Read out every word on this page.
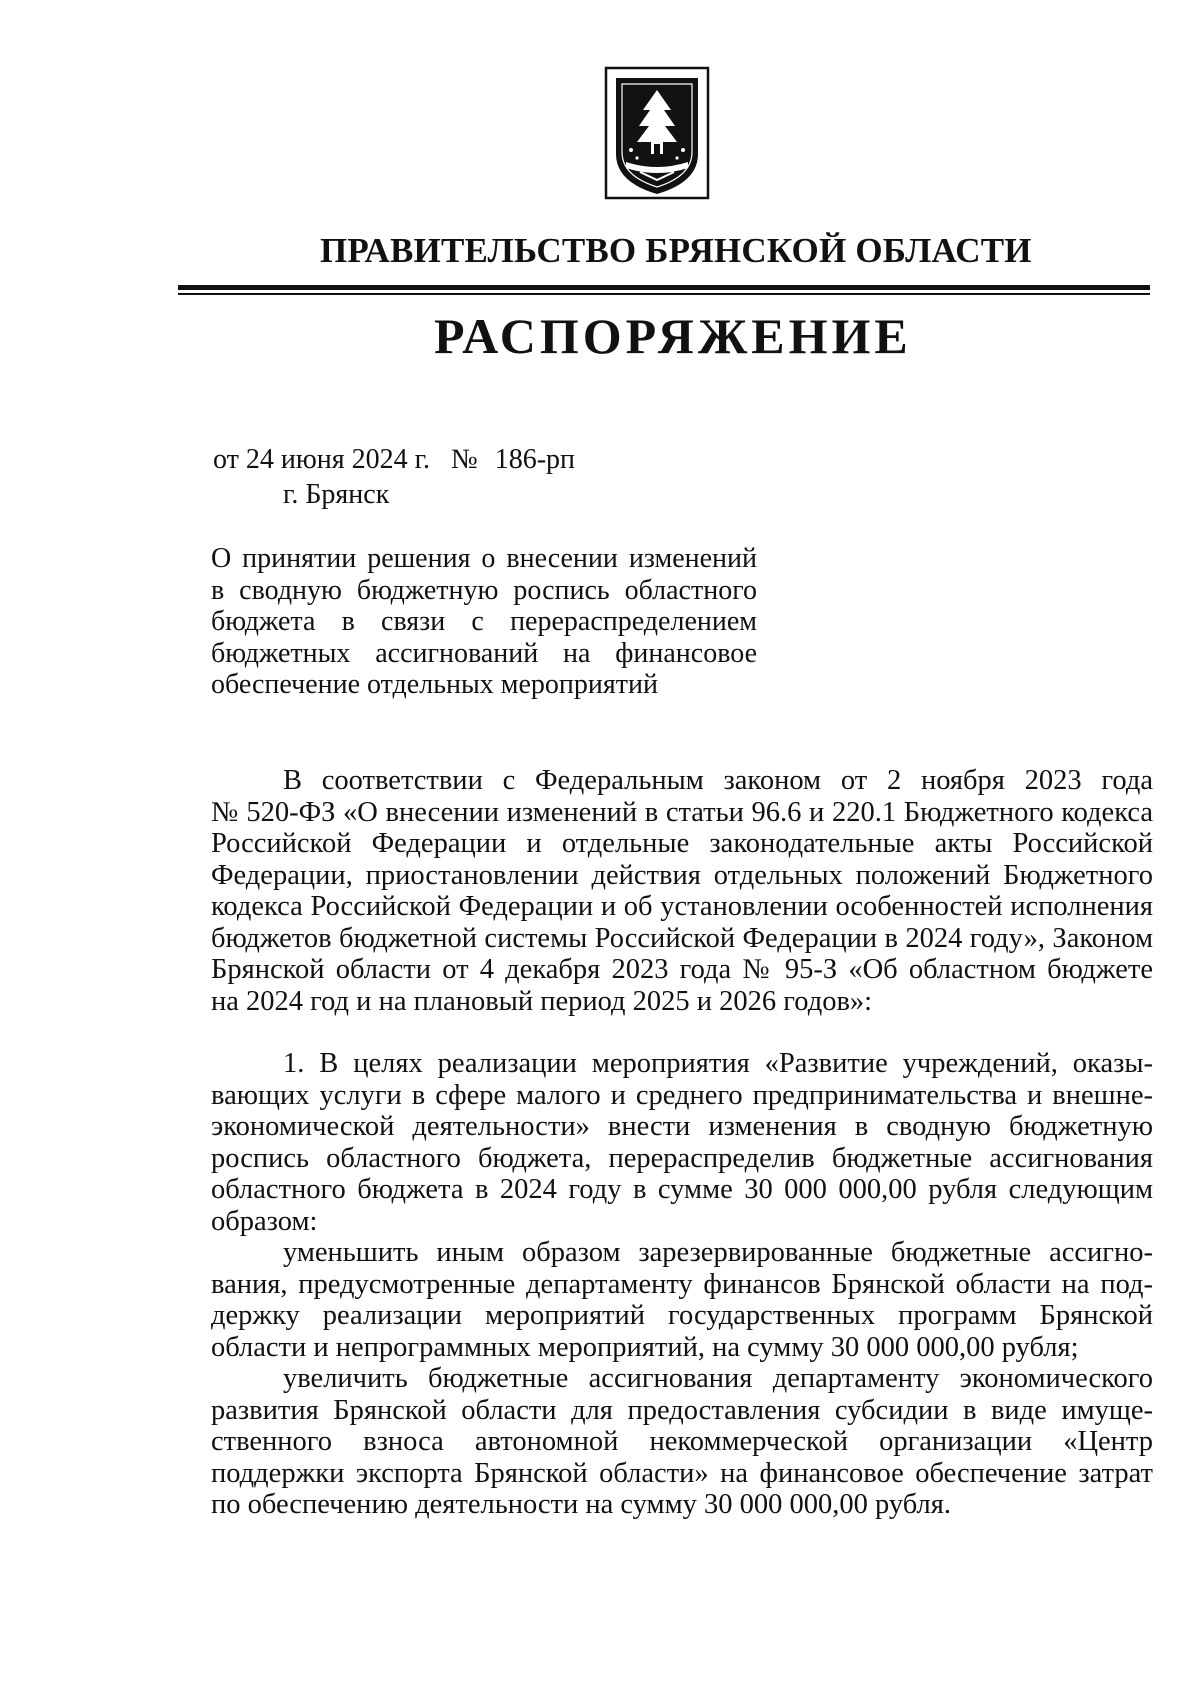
ПРАВИТЕЛЬСТВО БРЯНСКОЙ ОБЛАСТИ
РАСПОРЯЖЕНИЕ
от 24 июня 2024 г. № 186-рп
г. Брянск
О принятии решения о внесении изменений
в сводную бюджетную роспись областного
бюджета в связи с перераспределением
бюджетных ассигнований на финансовое
обеспечение отдельных мероприятий
В соответствии с Федеральным законом от 2 ноября 2023 года
№ 520-ФЗ «О внесении изменений в статьи 96.6 и 220.1 Бюджетного кодекса
Российской Федерации и отдельные законодательные акты Российской
Федерации, приостановлении действия отдельных положений Бюджетного
кодекса Российской Федерации и об установлении особенностей исполнения
бюджетов бюджетной системы Российской Федерации в 2024 году», Законом
Брянской области от 4 декабря 2023 года № 95-З «Об областном бюджете
на 2024 год и на плановый период 2025 и 2026 годов»:
1. В целях реализации мероприятия «Развитие учреждений, оказы-
вающих услуги в сфере малого и среднего предпринимательства и внешне-
экономической деятельности» внести изменения в сводную бюджетную
роспись областного бюджета, перераспределив бюджетные ассигнования
областного бюджета в 2024 году в сумме 30 000 000,00 рубля следующим
образом:
уменьшить иным образом зарезервированные бюджетные ассигно-
вания, предусмотренные департаменту финансов Брянской области на под-
держку реализации мероприятий государственных программ Брянской
области и непрограммных мероприятий, на сумму 30 000 000,00 рубля;
увеличить бюджетные ассигнования департаменту экономического
развития Брянской области для предоставления субсидии в виде имуще-
ственного взноса автономной некоммерческой организации «Центр
поддержки экспорта Брянской области» на финансовое обеспечение затрат
по обеспечению деятельности на сумму 30 000 000,00 рубля.
